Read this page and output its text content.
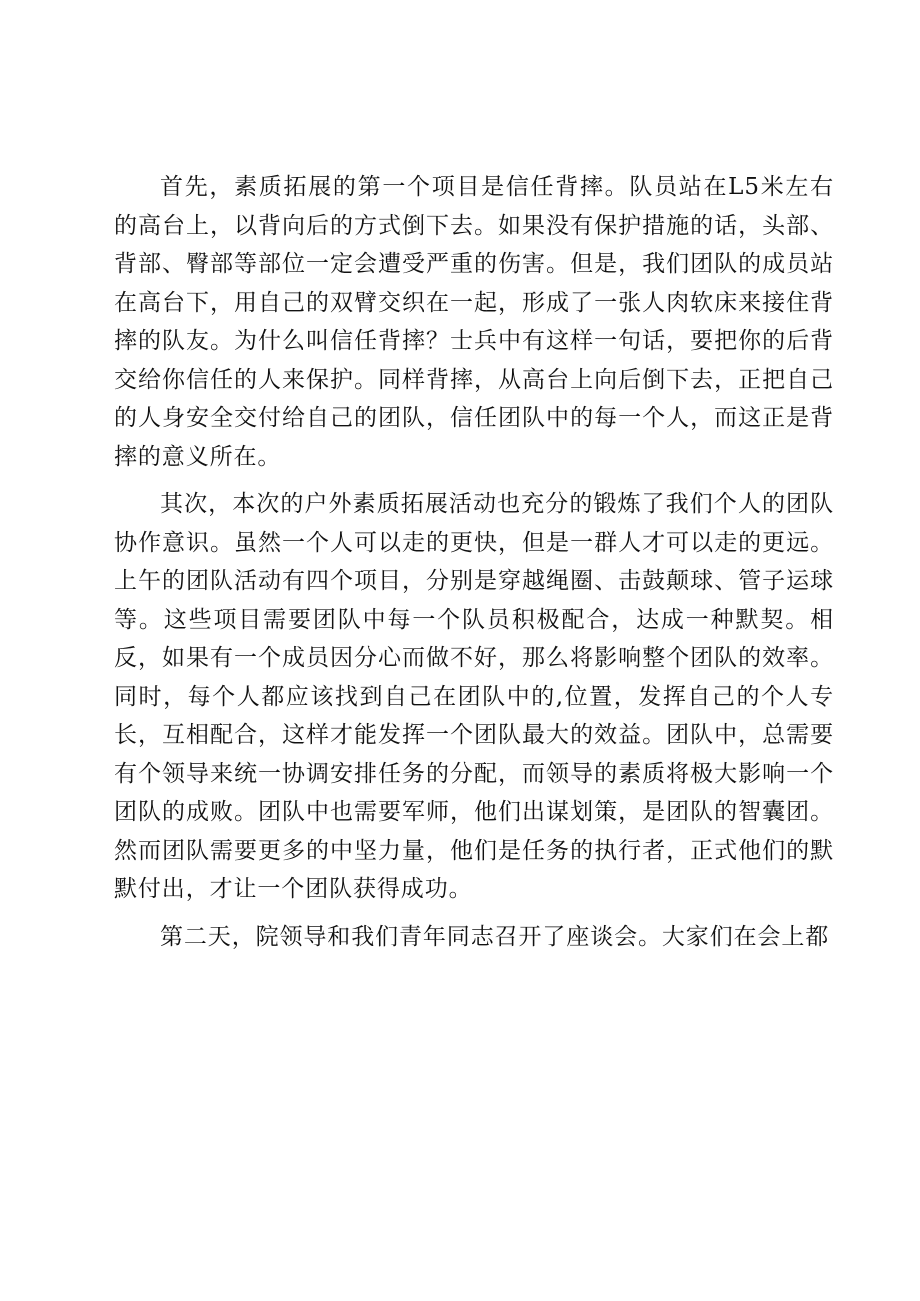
首先，素质拓展的第一个项目是信任背摔。队员站在L5米左右的高台上，以背向后的方式倒下去。如果没有保护措施的话，头部、背部、臀部等部位一定会遭受严重的伤害。但是，我们团队的成员站在高台下，用自己的双臂交织在一起，形成了一张人肉软床来接住背摔的队友。为什么叫信任背摔？士兵中有这样一句话，要把你的后背交给你信任的人来保护。同样背摔，从高台上向后倒下去，正把自己的人身安全交付给自己的团队，信任团队中的每一个人，而这正是背摔的意义所在。

其次，本次的户外素质拓展活动也充分的锻炼了我们个人的团队协作意识。虽然一个人可以走的更快，但是一群人才可以走的更远。上午的团队活动有四个项目，分别是穿越绳圈、击鼓颠球、管子运球等。这些项目需要团队中每一个队员积极配合，达成一种默契。相反，如果有一个成员因分心而做不好，那么将影响整个团队的效率。同时，每个人都应该找到自己在团队中的,位置，发挥自己的个人专长，互相配合，这样才能发挥一个团队最大的效益。团队中，总需要有个领导来统一协调安排任务的分配，而领导的素质将极大影响一个团队的成败。团队中也需要军师，他们出谋划策，是团队的智囊团。然而团队需要更多的中坚力量，他们是任务的执行者，正式他们的默默付出，才让一个团队获得成功。

第二天，院领导和我们青年同志召开了座谈会。大家们在会上都
